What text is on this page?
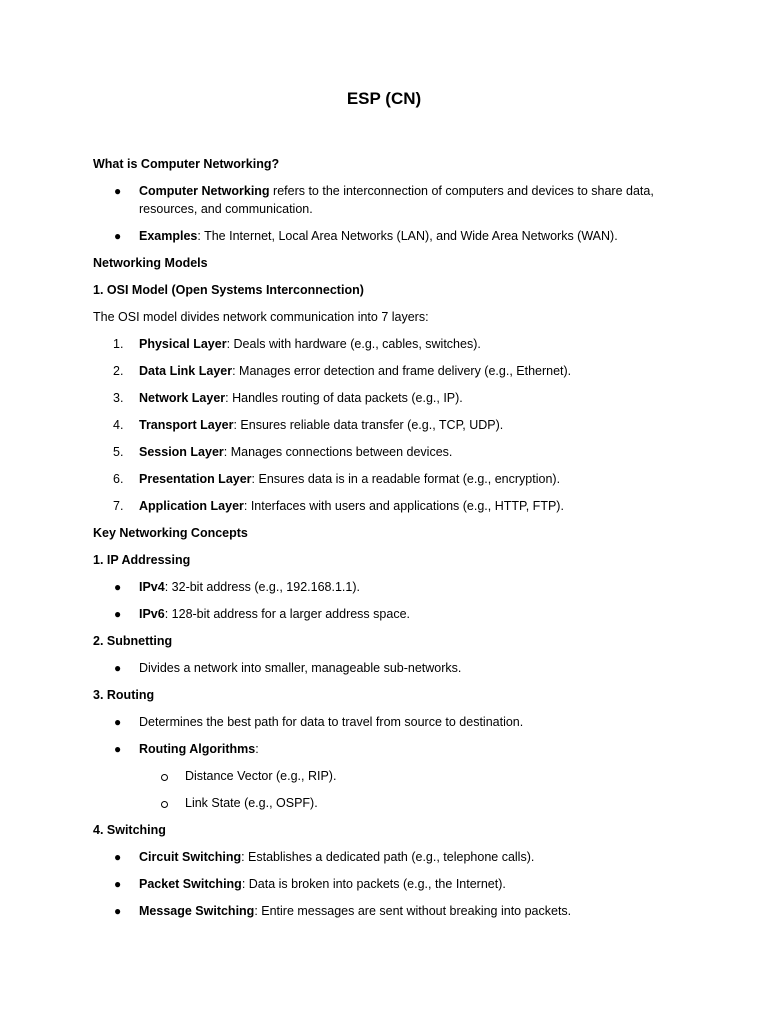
ESP (CN)
What is Computer Networking?
●	Computer Networking refers to the interconnection of computers and devices to share data, resources, and communication.
●	Examples: The Internet, Local Area Networks (LAN), and Wide Area Networks (WAN).
Networking Models
1. OSI Model (Open Systems Interconnection)
The OSI model divides network communication into 7 layers:
1.	Physical Layer: Deals with hardware (e.g., cables, switches).
2.	Data Link Layer: Manages error detection and frame delivery (e.g., Ethernet).
3.	Network Layer: Handles routing of data packets (e.g., IP).
4.	Transport Layer: Ensures reliable data transfer (e.g., TCP, UDP).
5.	Session Layer: Manages connections between devices.
6.	Presentation Layer: Ensures data is in a readable format (e.g., encryption).
7.	Application Layer: Interfaces with users and applications (e.g., HTTP, FTP).
Key Networking Concepts
1. IP Addressing
●	IPv4: 32-bit address (e.g., 192.168.1.1).
●	IPv6: 128-bit address for a larger address space.
2. Subnetting
●	Divides a network into smaller, manageable sub-networks.
3. Routing
●	Determines the best path for data to travel from source to destination.
●	Routing Algorithms:
Distance Vector (e.g., RIP).
Link State (e.g., OSPF).
4. Switching
●	Circuit Switching: Establishes a dedicated path (e.g., telephone calls).
●	Packet Switching: Data is broken into packets (e.g., the Internet).
●	Message Switching: Entire messages are sent without breaking into packets.
